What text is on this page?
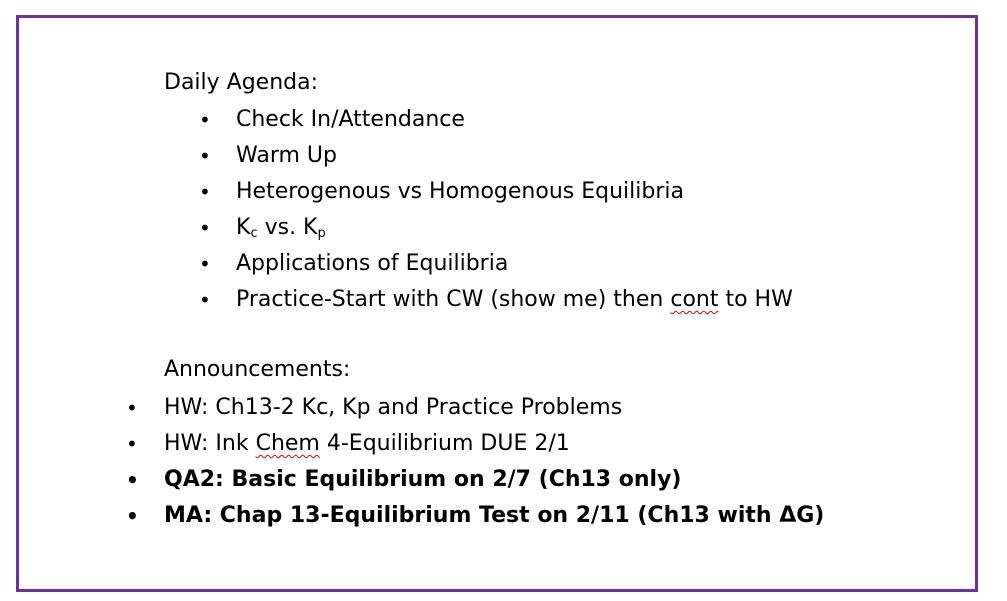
Daily Agenda:
• Check In/Attendance
• Warm Up
• Heterogenous vs Homogenous Equilibria
• $K_c$ vs. $K_p$
• Applications of Equilibria
• Practice-Start with CW (show me) then cont to HW
Announcements:
• HW: Ch13-2 Kc, Kp and Practice Problems
• HW: Ink Chem 4-Equilibrium DUE 2/1
• QA2: Basic Equilibrium on 2/7 (Ch13 only)
• MA: Chap 13-Equilibrium Test on 2/11 (Ch13 with ΔG)
